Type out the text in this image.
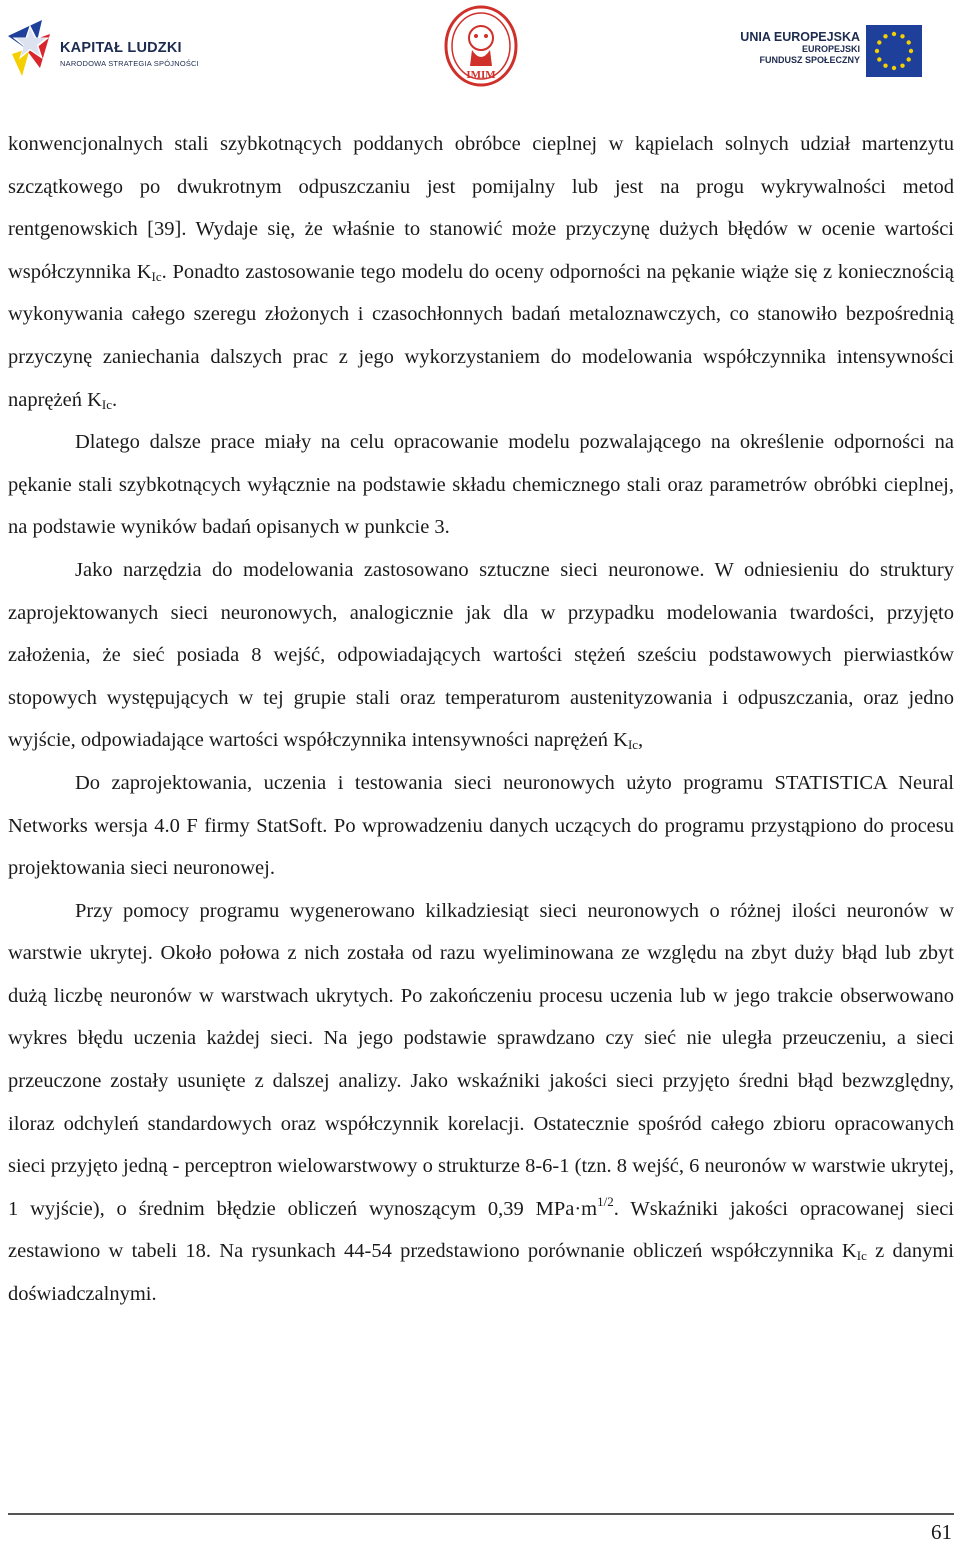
KAPITAŁ LUDZKI
NARODOWA STRATEGIA SPÓJNOŚCI
IMIM
UNIA EUROPEJSKA
EUROPEJSKI
FUNDUSZ SPOŁECZNY

konwencjonalnych stali szybkotnących poddanych obróbce cieplnej w kąpielach solnych udział martenzytu szczątkowego po dwukrotnym odpuszczaniu jest pomijalny lub jest na progu wykrywalności metod rentgenowskich [39]. Wydaje się, że właśnie to stanowić może przyczynę dużych błędów w ocenie wartości współczynnika $K_{Ic}$. Ponadto zastosowanie tego modelu do oceny odporności na pękanie wiąże się z koniecznością wykonywania całego szeregu złożonych i czasochłonnych badań metaloznawczych, co stanowiło bezpośrednią przyczynę zaniechania dalszych prac z jego wykorzystaniem do modelowania współczynnika intensywności naprężeń $K_{Ic}$.

Dlatego dalsze prace miały na celu opracowanie modelu pozwalającego na określenie odporności na pękanie stali szybkotnących wyłącznie na podstawie składu chemicznego stali oraz parametrów obróbki cieplnej, na podstawie wyników badań opisanych w punkcie 3.

Jako narzędzia do modelowania zastosowano sztuczne sieci neuronowe. W odniesieniu do struktury zaprojektowanych sieci neuronowych, analogicznie jak dla w przypadku modelowania twardości, przyjęto założenia, że sieć posiada 8 wejść, odpowiadających wartości stężeń sześciu podstawowych pierwiastków stopowych występujących w tej grupie stali oraz temperaturom austenityzowania i odpuszczania, oraz jedno wyjście, odpowiadające wartości współczynnika intensywności naprężeń $K_{Ic}$,

Do zaprojektowania, uczenia i testowania sieci neuronowych użyto programu STATISTICA Neural Networks wersja 4.0 F firmy StatSoft. Po wprowadzeniu danych uczących do programu przystąpiono do procesu projektowania sieci neuronowej.

Przy pomocy programu wygenerowano kilkadziesiąt sieci neuronowych o różnej ilości neuronów w warstwie ukrytej. Około połowa z nich została od razu wyeliminowana ze względu na zbyt duży błąd lub zbyt dużą liczbę neuronów w warstwach ukrytych. Po zakończeniu procesu uczenia lub w jego trakcie obserwowano wykres błędu uczenia każdej sieci. Na jego podstawie sprawdzano czy sieć nie uległa przeuczeniu, a sieci przeuczone zostały usunięte z dalszej analizy. Jako wskaźniki jakości sieci przyjęto średni błąd bezwzględny, iloraz odchyleń standardowych oraz współczynnik korelacji. Ostatecznie spośród całego zbioru opracowanych sieci przyjęto jedną - perceptron wielowarstwowy o strukturze 8-6-1 (tzn. 8 wejść, 6 neuronów w warstwie ukrytej, 1 wyjście), o średnim błędzie obliczeń wynoszącym 0,39 $MPa\cdot m^{1/2}$. Wskaźniki jakości opracowanej sieci zestawiono w tabeli 18. Na rysunkach 44-54 przedstawiono porównanie obliczeń współczynnika $K_{Ic}$ z danymi doświadczalnymi.

61
